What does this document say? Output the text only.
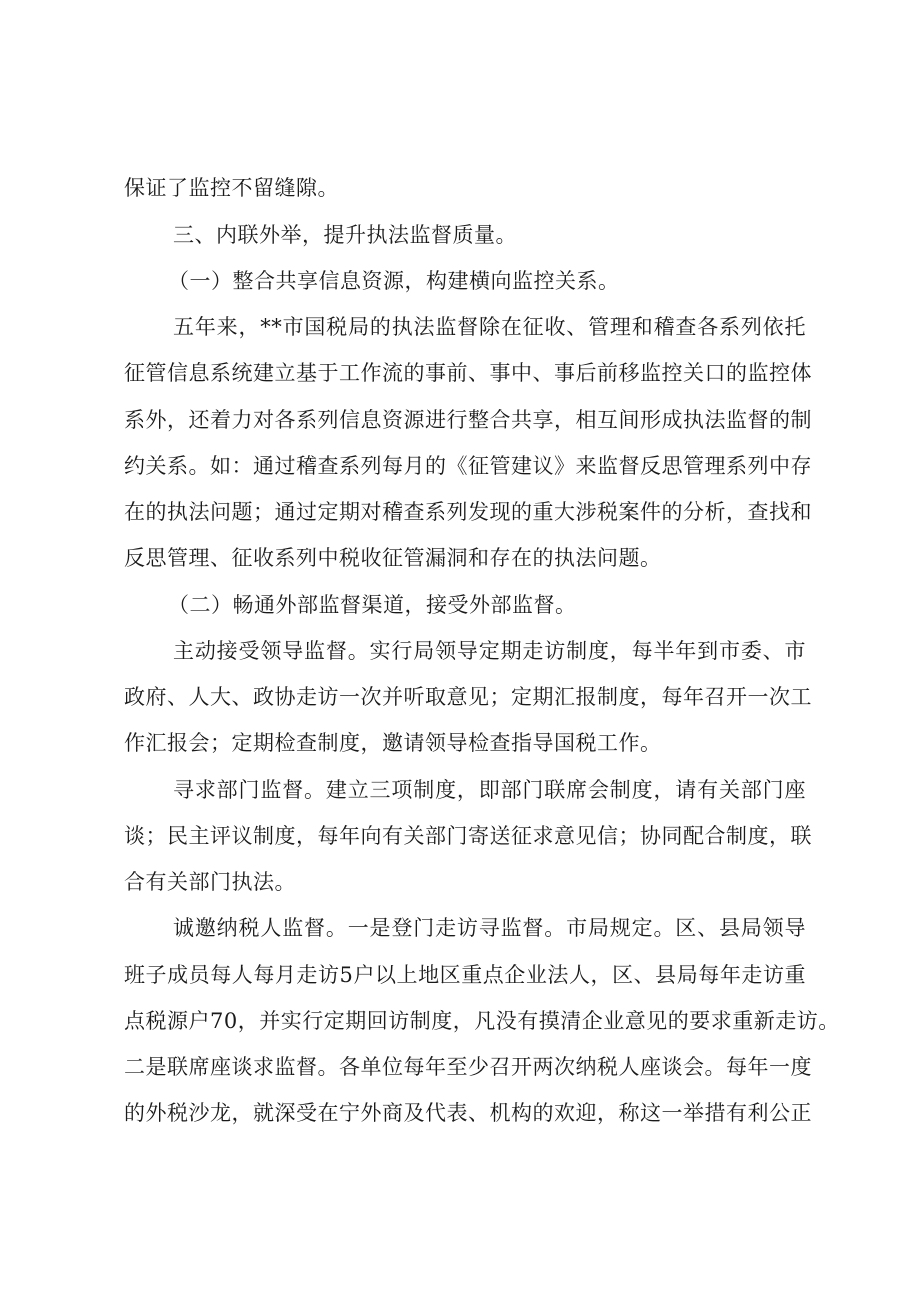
保证了监控不留缝隙。
三、内联外举，提升执法监督质量。
（一）整合共享信息资源，构建横向监控关系。
五年来，**市国税局的执法监督除在征收、管理和稽查各系列依托
征管信息系统建立基于工作流的事前、事中、事后前移监控关口的监控体
系外，还着力对各系列信息资源进行整合共享，相互间形成执法监督的制
约关系。如：通过稽查系列每月的《征管建议》来监督反思管理系列中存
在的执法问题；通过定期对稽查系列发现的重大涉税案件的分析，查找和
反思管理、征收系列中税收征管漏洞和存在的执法问题。
（二）畅通外部监督渠道，接受外部监督。
主动接受领导监督。实行局领导定期走访制度，每半年到市委、市
政府、人大、政协走访一次并听取意见；定期汇报制度，每年召开一次工
作汇报会；定期检查制度，邀请领导检查指导国税工作。
寻求部门监督。建立三项制度，即部门联席会制度，请有关部门座
谈；民主评议制度，每年向有关部门寄送征求意见信；协同配合制度，联
合有关部门执法。
诚邀纳税人监督。一是登门走访寻监督。市局规定。区、县局领导
班子成员每人每月走访5户以上地区重点企业法人，区、县局每年走访重
点税源户70，并实行定期回访制度，凡没有摸清企业意见的要求重新走访。
二是联席座谈求监督。各单位每年至少召开两次纳税人座谈会。每年一度
的外税沙龙，就深受在宁外商及代表、机构的欢迎，称这一举措有利公正
